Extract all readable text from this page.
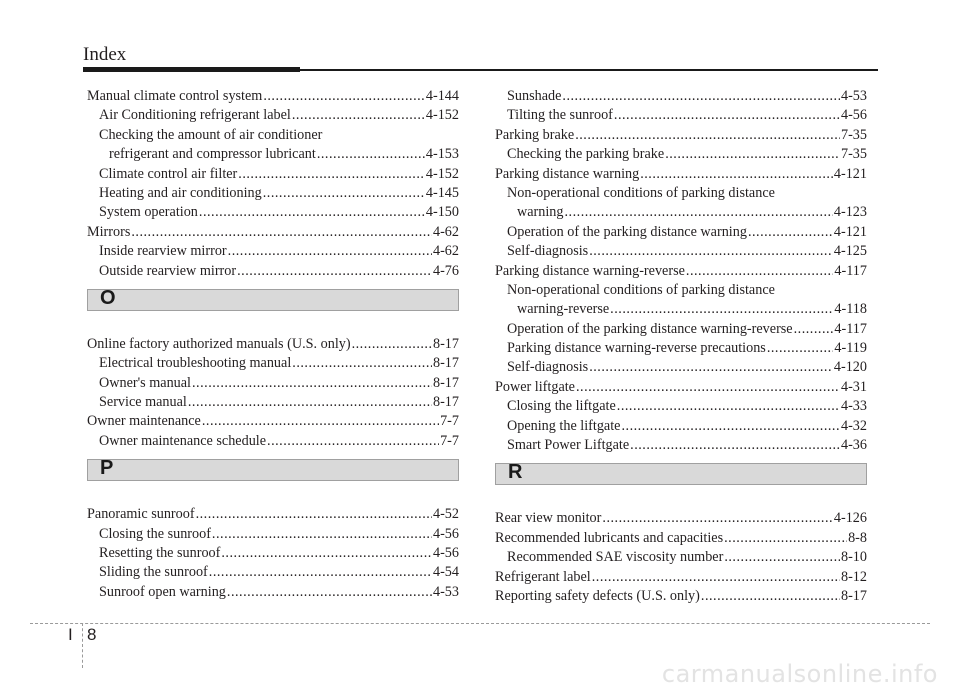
Index
Manual climate control system .....	4-144
Air Conditioning refrigerant label .....	4-152
Checking the amount of air conditioner
refrigerant and compressor lubricant .....	4-153
Climate control air filter .....	4-152
Heating and air conditioning .....	4-145
System operation .....	4-150
Mirrors .....	4-62
Inside rearview mirror .....	4-62
Outside rearview mirror .....	4-76
O
Online factory authorized manuals (U.S. only) .....	8-17
Electrical troubleshooting manual .....	8-17
Owner's manual .....	8-17
Service manual .....	8-17
Owner maintenance .....	7-7
Owner maintenance schedule .....	7-7
P
Panoramic sunroof .....	4-52
Closing the sunroof .....	4-56
Resetting the sunroof .....	4-56
Sliding the sunroof .....	4-54
Sunroof open warning .....	4-53
Sunshade .....	4-53
Tilting the sunroof .....	4-56
Parking brake .....	7-35
Checking the parking brake .....	7-35
Parking distance warning .....	4-121
Non-operational conditions of parking distance
warning .....	4-123
Operation of the parking distance warning .....	4-121
Self-diagnosis .....	4-125
Parking distance warning-reverse .....	4-117
Non-operational conditions of parking distance
warning-reverse .....	4-118
Operation of the parking distance warning-reverse .....	4-117
Parking distance warning-reverse precautions .....	4-119
Self-diagnosis .....	4-120
Power liftgate .....	4-31
Closing the liftgate .....	4-33
Opening the liftgate .....	4-32
Smart Power Liftgate .....	4-36
R
Rear view monitor .....	4-126
Recommended lubricants and capacities .....	8-8
Recommended SAE viscosity number .....	8-10
Refrigerant label .....	8-12
Reporting safety defects (U.S. only) .....	8-17
I 8
carmanualsonline.info
